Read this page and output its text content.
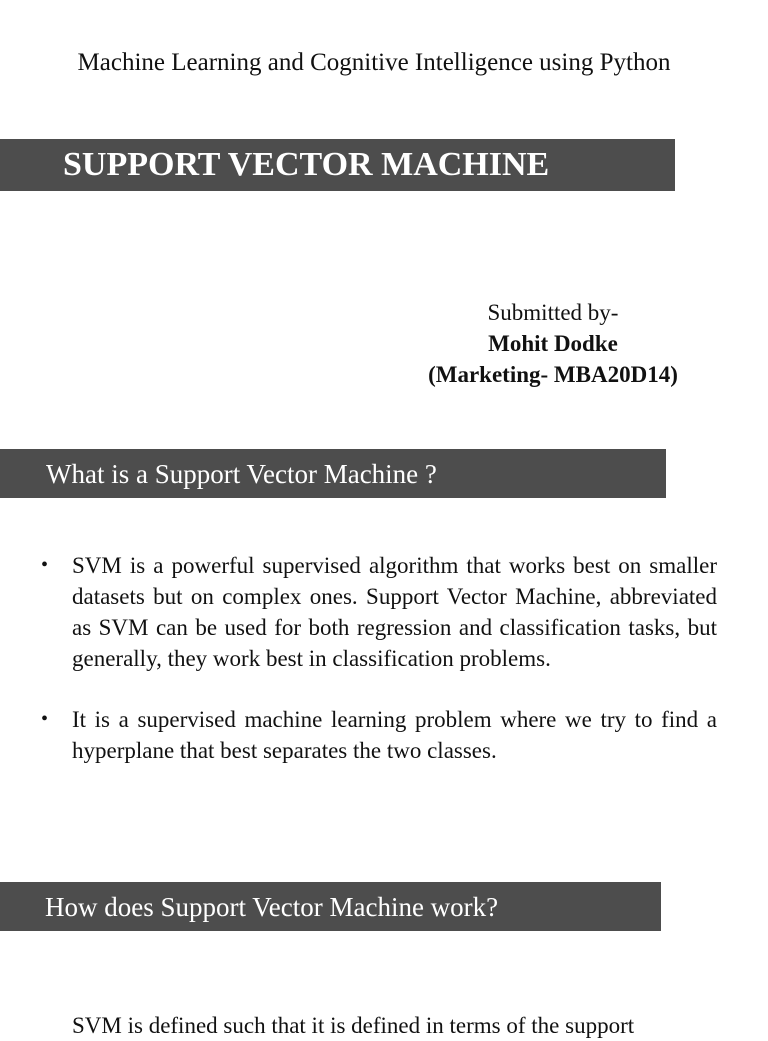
Machine Learning and Cognitive Intelligence using Python
SUPPORT VECTOR MACHINE
Submitted by-
Mohit Dodke
(Marketing- MBA20D14)
What is a Support Vector Machine ?
• SVM is a powerful supervised algorithm that works best on smaller datasets but on complex ones. Support Vector Machine, abbreviated as SVM can be used for both regression and classification tasks, but generally, they work best in classification problems.
• It is a supervised machine learning problem where we try to find a hyperplane that best separates the two classes.
How does Support Vector Machine work?
SVM is defined such that it is defined in terms of the support
